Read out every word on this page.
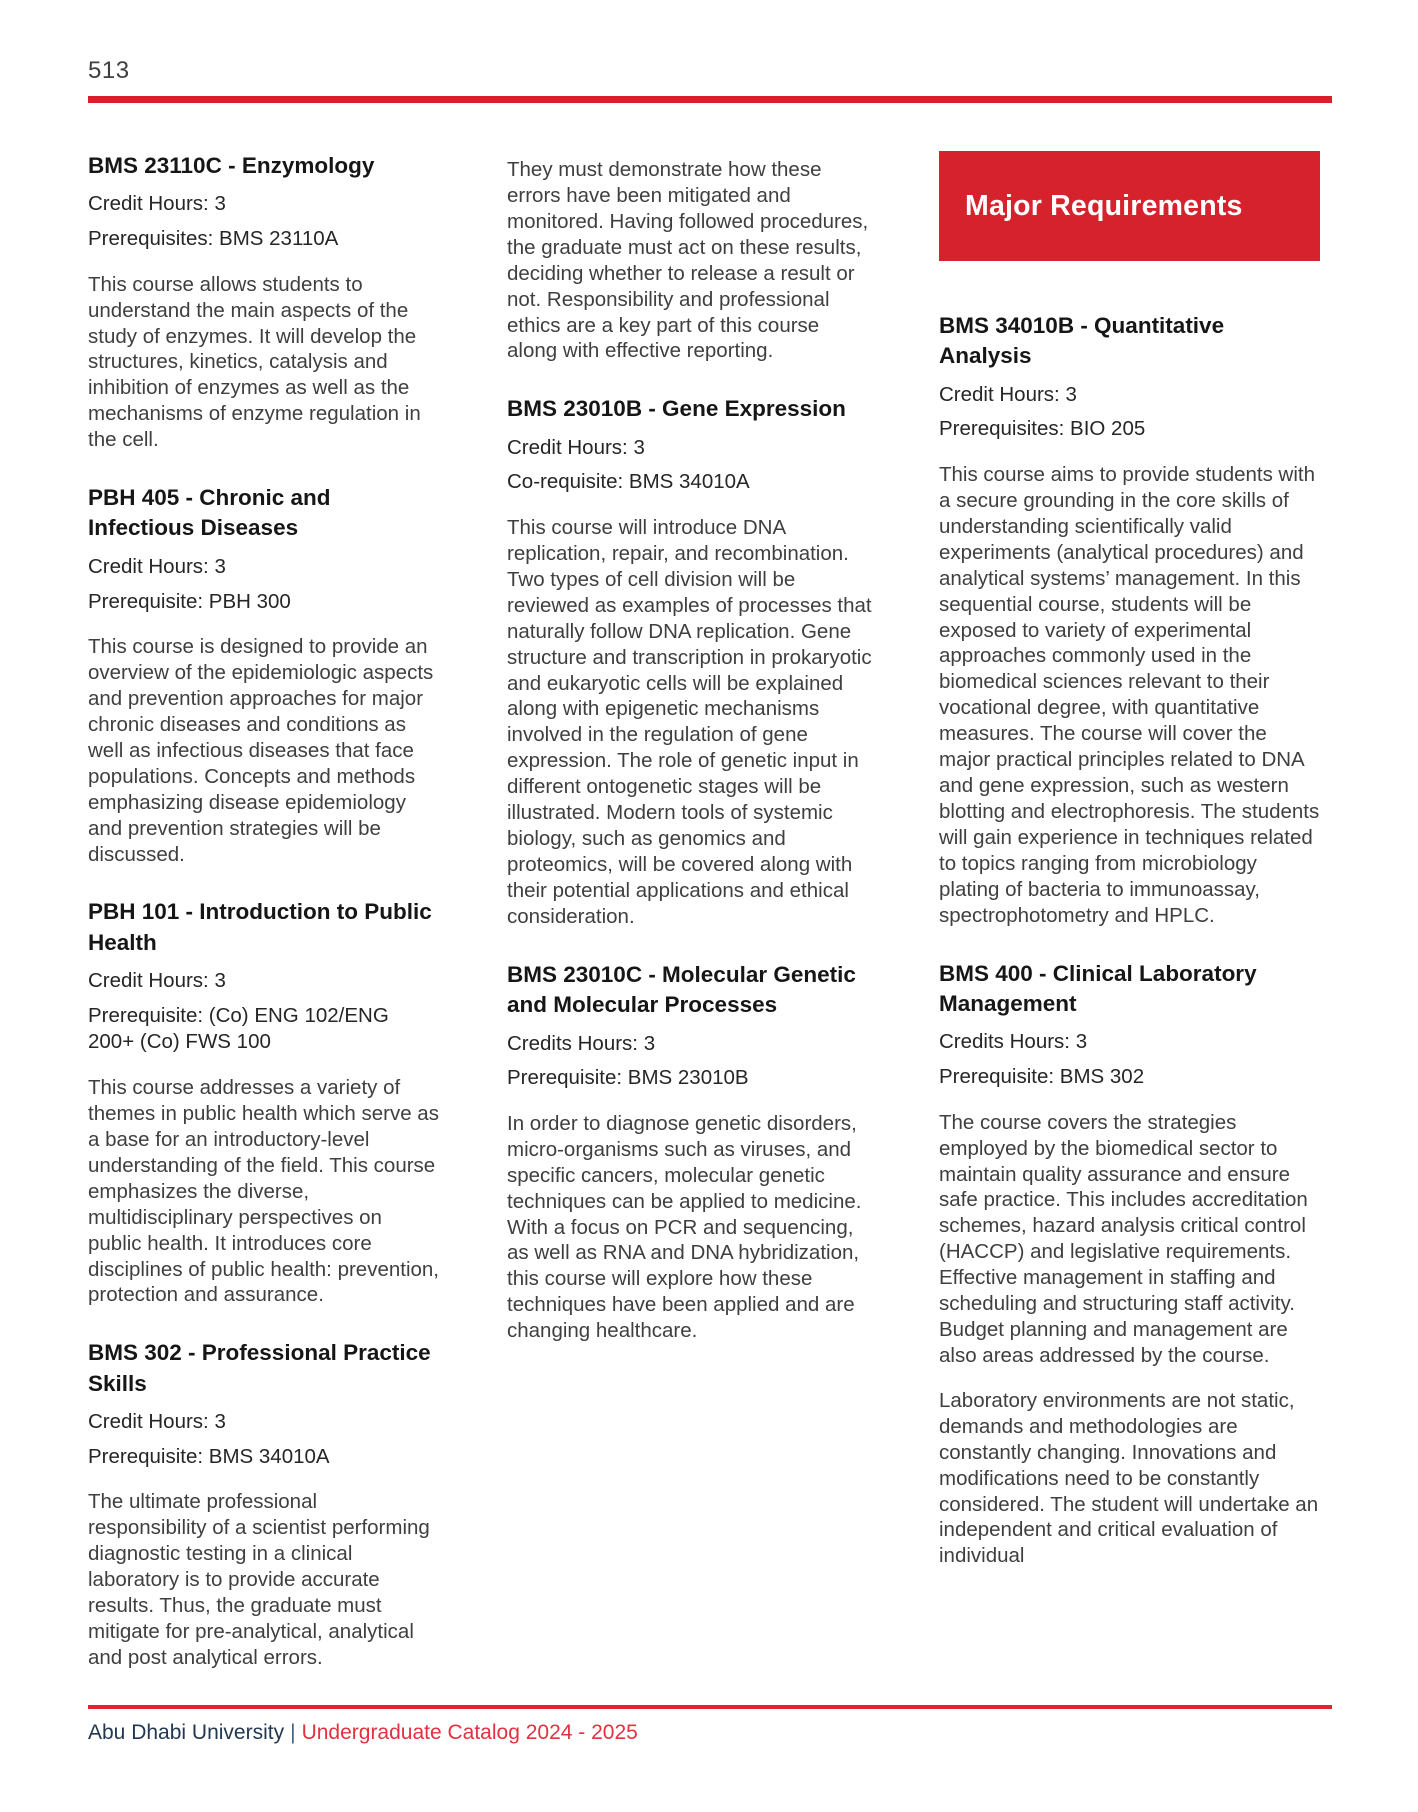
513
BMS 23110C - Enzymology

Credit Hours: 3

Prerequisites: BMS 23110A

This course allows students to understand the main aspects of the study of enzymes. It will develop the structures, kinetics, catalysis and inhibition of enzymes as well as the mechanisms of enzyme regulation in the cell.

PBH 405 - Chronic and Infectious Diseases

Credit Hours: 3

Prerequisite: PBH 300

This course is designed to provide an overview of the epidemiologic aspects and prevention approaches for major chronic diseases and conditions as well as infectious diseases that face populations. Concepts and methods emphasizing disease epidemiology and prevention strategies will be discussed.

PBH 101 - Introduction to Public Health

Credit Hours: 3

Prerequisite: (Co) ENG 102/ENG 200+ (Co) FWS 100

This course addresses a variety of themes in public health which serve as a base for an introductory-level understanding of the field. This course emphasizes the diverse, multidisciplinary perspectives on public health. It introduces core disciplines of public health: prevention, protection and assurance.

BMS 302 - Professional Practice Skills

Credit Hours: 3

Prerequisite: BMS 34010A

The ultimate professional responsibility of a scientist performing diagnostic testing in a clinical laboratory is to provide accurate results. Thus, the graduate must mitigate for pre-analytical, analytical and post analytical errors.

They must demonstrate how these errors have been mitigated and monitored. Having followed procedures, the graduate must act on these results, deciding whether to release a result or not. Responsibility and professional ethics are a key part of this course along with effective reporting.

BMS 23010B - Gene Expression

Credit Hours: 3

Co-requisite: BMS 34010A

This course will introduce DNA replication, repair, and recombination. Two types of cell division will be reviewed as examples of processes that naturally follow DNA replication. Gene structure and transcription in prokaryotic and eukaryotic cells will be explained along with epigenetic mechanisms involved in the regulation of gene expression. The role of genetic input in different ontogenetic stages will be illustrated. Modern tools of systemic biology, such as genomics and proteomics, will be covered along with their potential applications and ethical consideration.

BMS 23010C - Molecular Genetic and Molecular Processes

Credits Hours: 3

Prerequisite: BMS 23010B

In order to diagnose genetic disorders, micro-organisms such as viruses, and specific cancers, molecular genetic techniques can be applied to medicine. With a focus on PCR and sequencing, as well as RNA and DNA hybridization, this course will explore how these techniques have been applied and are changing healthcare.

Major Requirements
BMS 34010B - Quantitative Analysis

Credit Hours: 3

Prerequisites: BIO 205

This course aims to provide students with a secure grounding in the core skills of understanding scientifically valid experiments (analytical procedures) and analytical systems’ management. In this sequential course, students will be exposed to variety of experimental approaches commonly used in the biomedical sciences relevant to their vocational degree, with quantitative measures. The course will cover the major practical principles related to DNA and gene expression, such as western blotting and electrophoresis. The students will gain experience in techniques related to topics ranging from microbiology plating of bacteria to immunoassay, spectrophotometry and HPLC.

BMS 400 - Clinical Laboratory Management

Credits Hours: 3

Prerequisite: BMS 302

The course covers the strategies employed by the biomedical sector to maintain quality assurance and ensure safe practice. This includes accreditation schemes, hazard analysis critical control (HACCP) and legislative requirements. Effective management in staffing and scheduling and structuring staff activity. Budget planning and management are also areas addressed by the course.

Laboratory environments are not static, demands and methodologies are constantly changing. Innovations and modifications need to be constantly considered. The student will undertake an independent and critical evaluation of individual

Abu Dhabi University | Undergraduate Catalog 2024 - 2025
